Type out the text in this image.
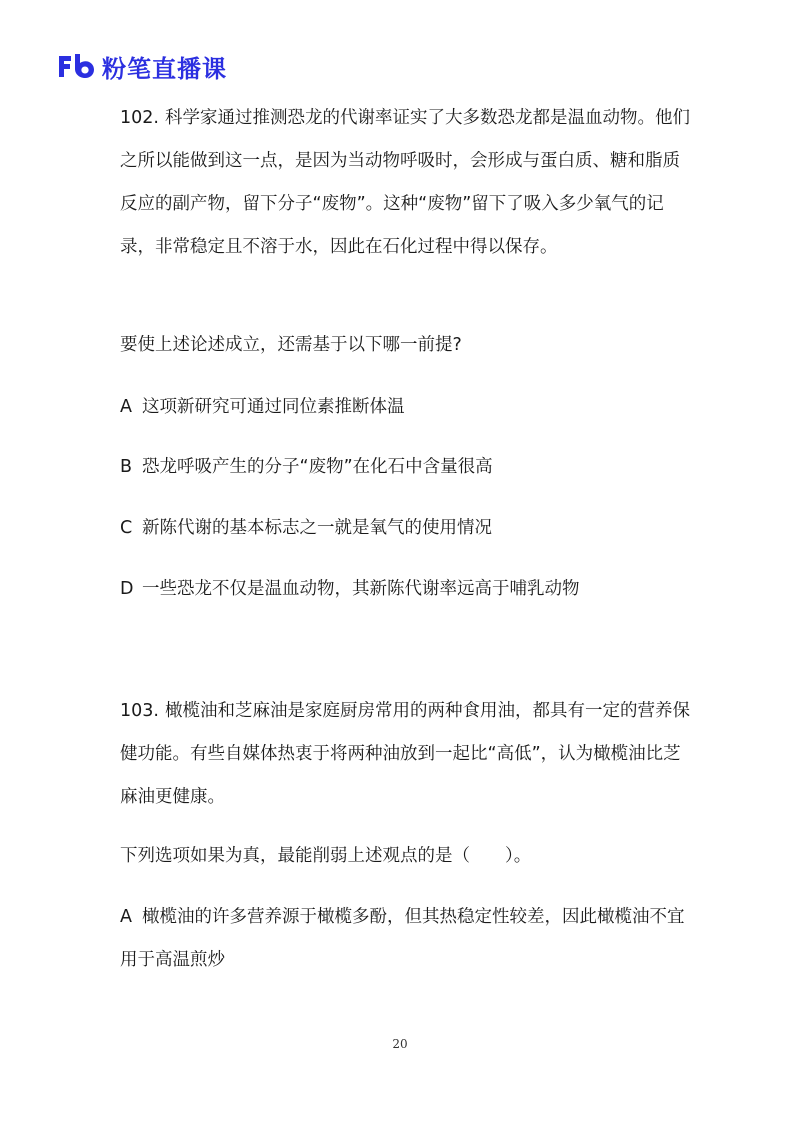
粉笔直播课

102. 科学家通过推测恐龙的代谢率证实了大多数恐龙都是温血动物。他们之所以能做到这一点，是因为当动物呼吸时，会形成与蛋白质、糖和脂质反应的副产物，留下分子“废物”。这种“废物”留下了吸入多少氧气的记录，非常稳定且不溶于水，因此在石化过程中得以保存。

要使上述论述成立，还需基于以下哪一前提?

A 这项新研究可通过同位素推断体温

B 恐龙呼吸产生的分子“废物”在化石中含量很高

C 新陈代谢的基本标志之一就是氧气的使用情况

D 一些恐龙不仅是温血动物，其新陈代谢率远高于哺乳动物

103. 橄榄油和芝麻油是家庭厨房常用的两种食用油，都具有一定的营养保健功能。有些自媒体热衷于将两种油放到一起比“高低”，认为橄榄油比芝麻油更健康。

下列选项如果为真，最能削弱上述观点的是（　　）。

A 橄榄油的许多营养源于橄榄多酚，但其热稳定性较差，因此橄榄油不宜用于高温煎炒

20
